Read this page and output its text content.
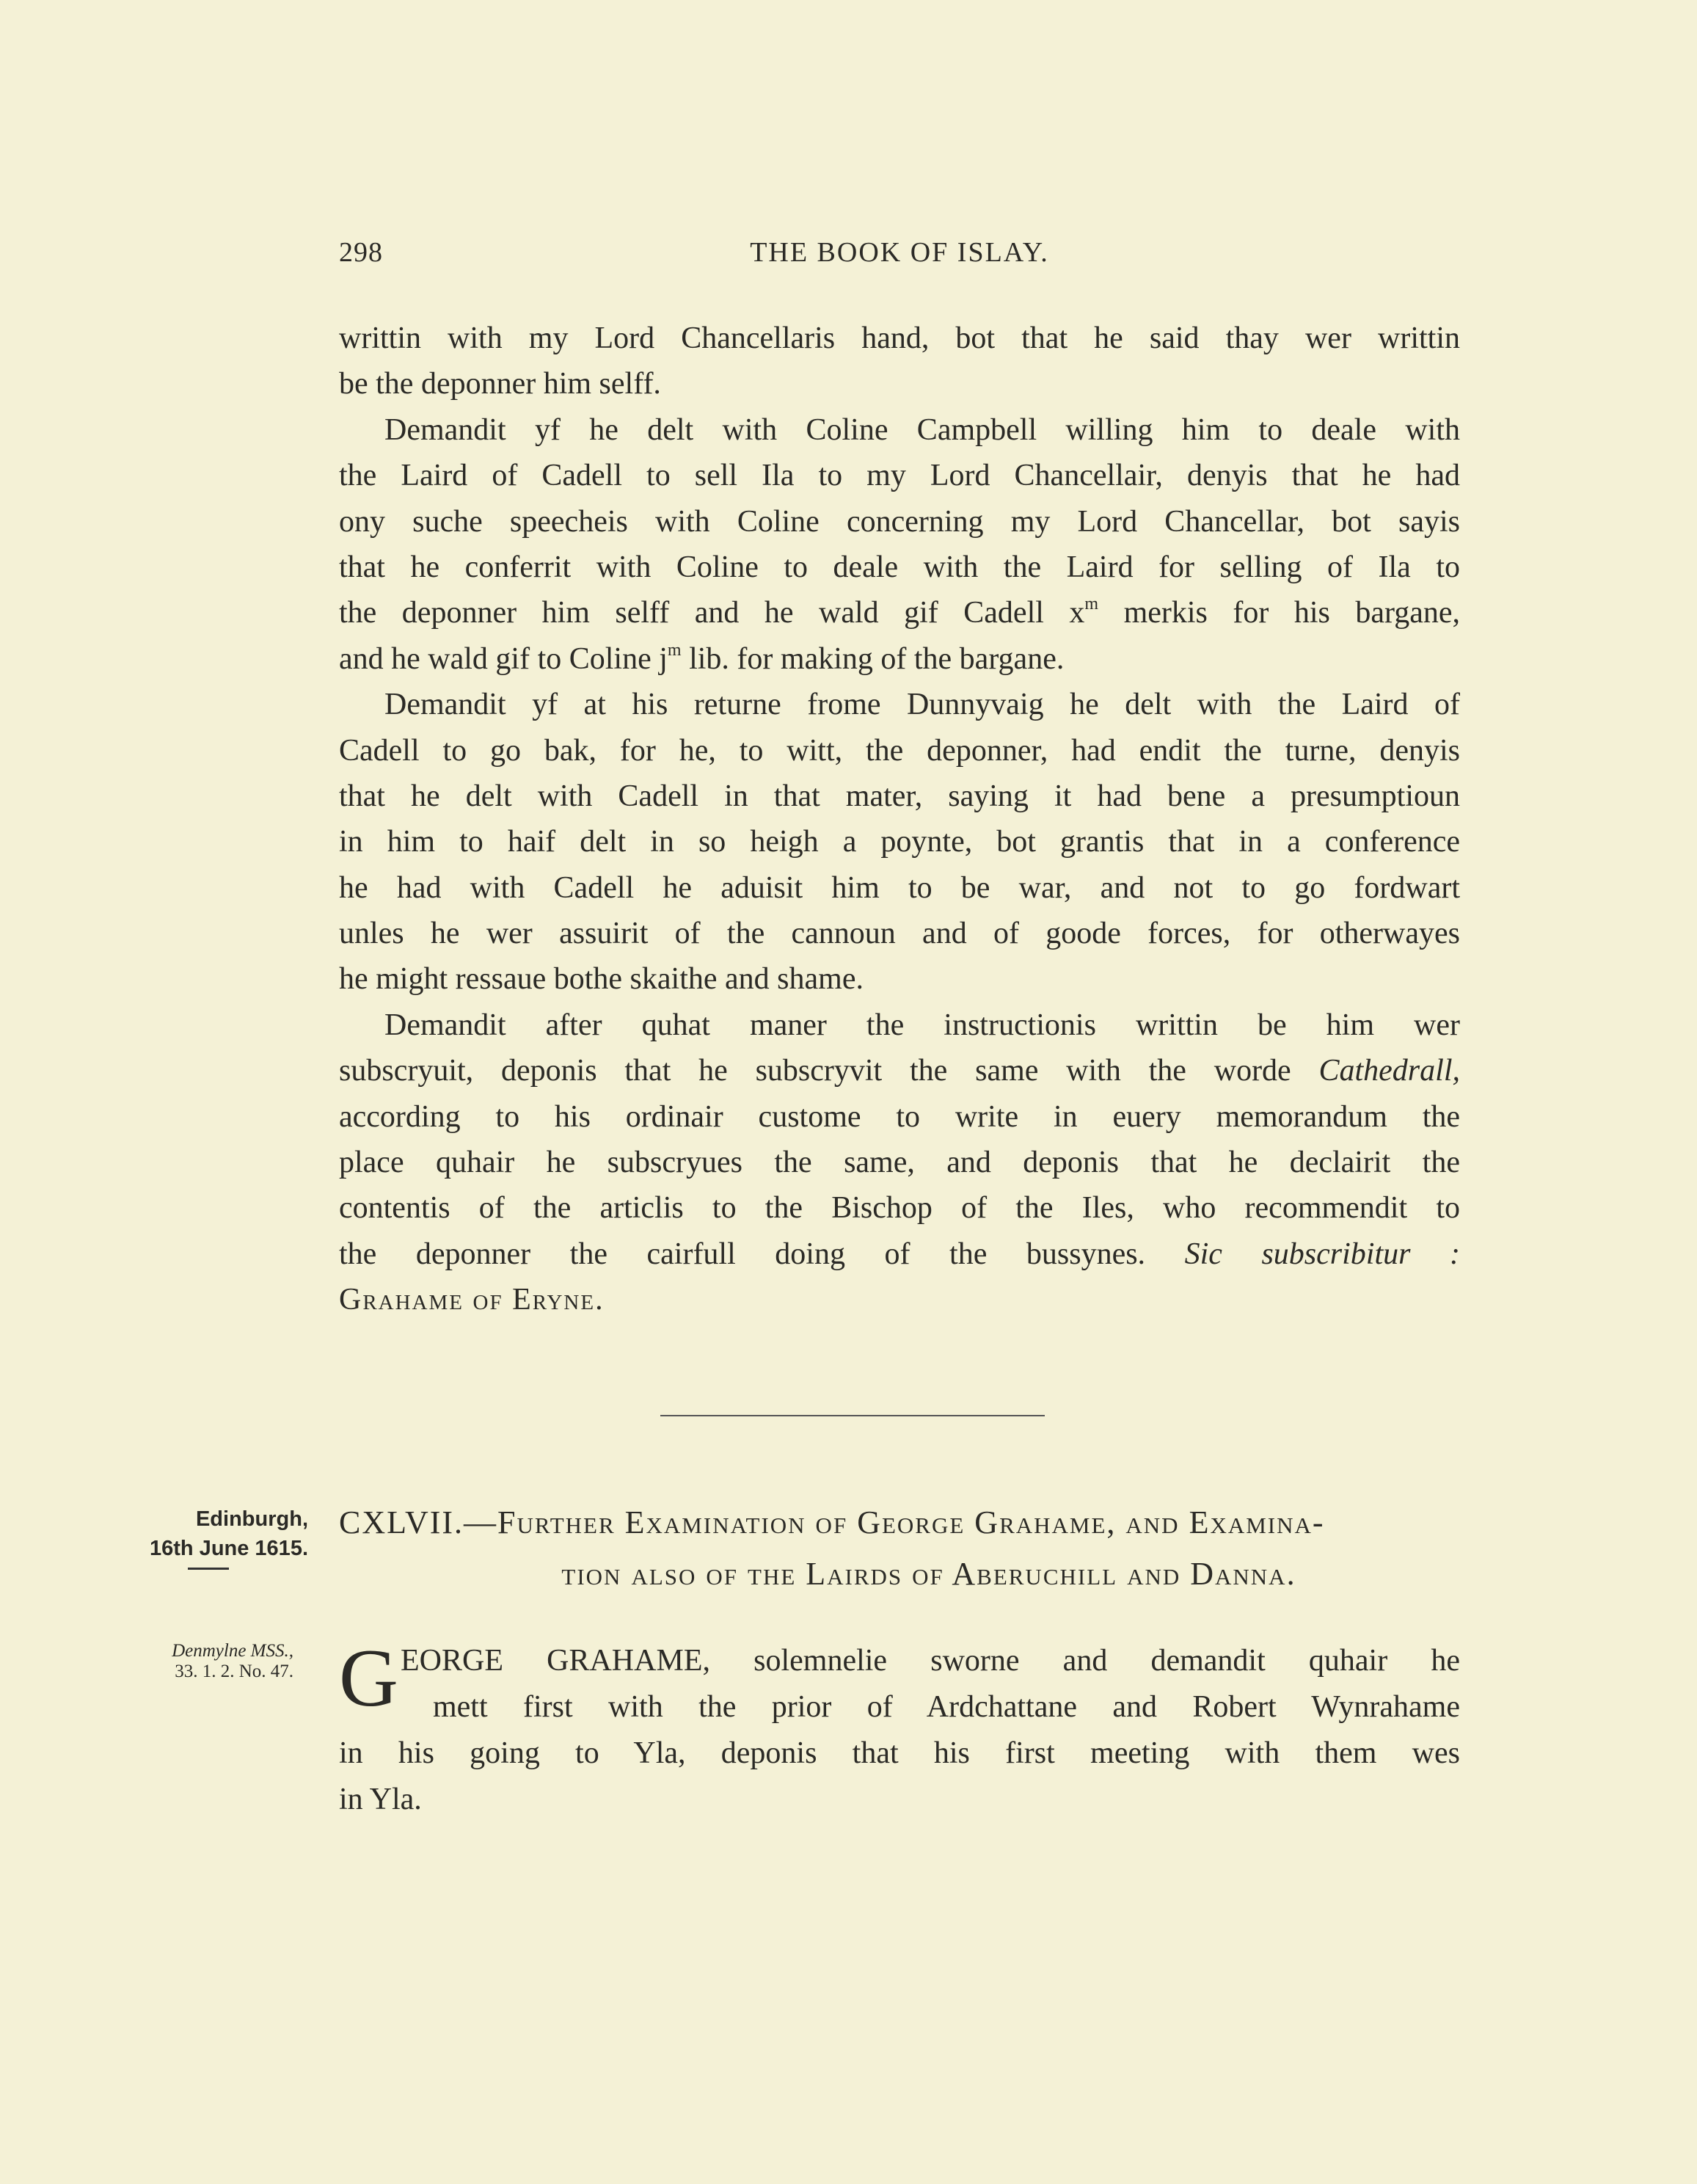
298	THE BOOK OF ISLAY.
writtin with my Lord Chancellaris hand, bot that he said thay wer writtin
be the deponner him selff.
Demandit yf he delt with Coline Campbell willing him to deale with
the Laird of Cadell to sell Ila to my Lord Chancellair, denyis that he had
ony suche speecheis with Coline concerning my Lord Chancellar, bot sayis
that he conferrit with Coline to deale with the Laird for selling of Ila to
the deponner him selff and he wald gif Cadell $x^m$ merkis for his bargane,
and he wald gif to Coline $j^m$ lib. for making of the bargane.
Demandit yf at his returne frome Dunnyvaig he delt with the Laird of
Cadell to go bak, for he, to witt, the deponner, had endit the turne, denyis
that he delt with Cadell in that mater, saying it had bene a presumptioun
in him to haif delt in so heigh a poynte, bot grantis that in a conference
he had with Cadell he aduisit him to be war, and not to go fordwart
unles he wer assuirit of the cannoun and of goode forces, for otherwayes
he might ressaue bothe skaithe and shame.
Demandit after quhat maner the instructionis writtin be him wer
subscryuit, deponis that he subscryvit the same with the worde Cathedrall,
according to his ordinair custome to write in euery memorandum the
place quhair he subscryues the same, and deponis that he declairit the
contentis of the articlis to the Bischop of the Iles, who recommendit to
the deponner the cairfull doing of the bussynes. Sic subscribitur :
Grahame of Eryne.
Edinburgh,
16th June 1615.
Denmylne MSS.,
33. 1. 2. No. 47.
CXLVII.—Further Examination of George Grahame, and Examina-
tion also of the Lairds of Aberuchill and Danna.
G EORGE GRAHAME, solemnelie sworne and demandit quhair he
mett first with the prior of Ardchattane and Robert Wynrahame
in his going to Yla, deponis that his first meeting with them wes
in Yla.
